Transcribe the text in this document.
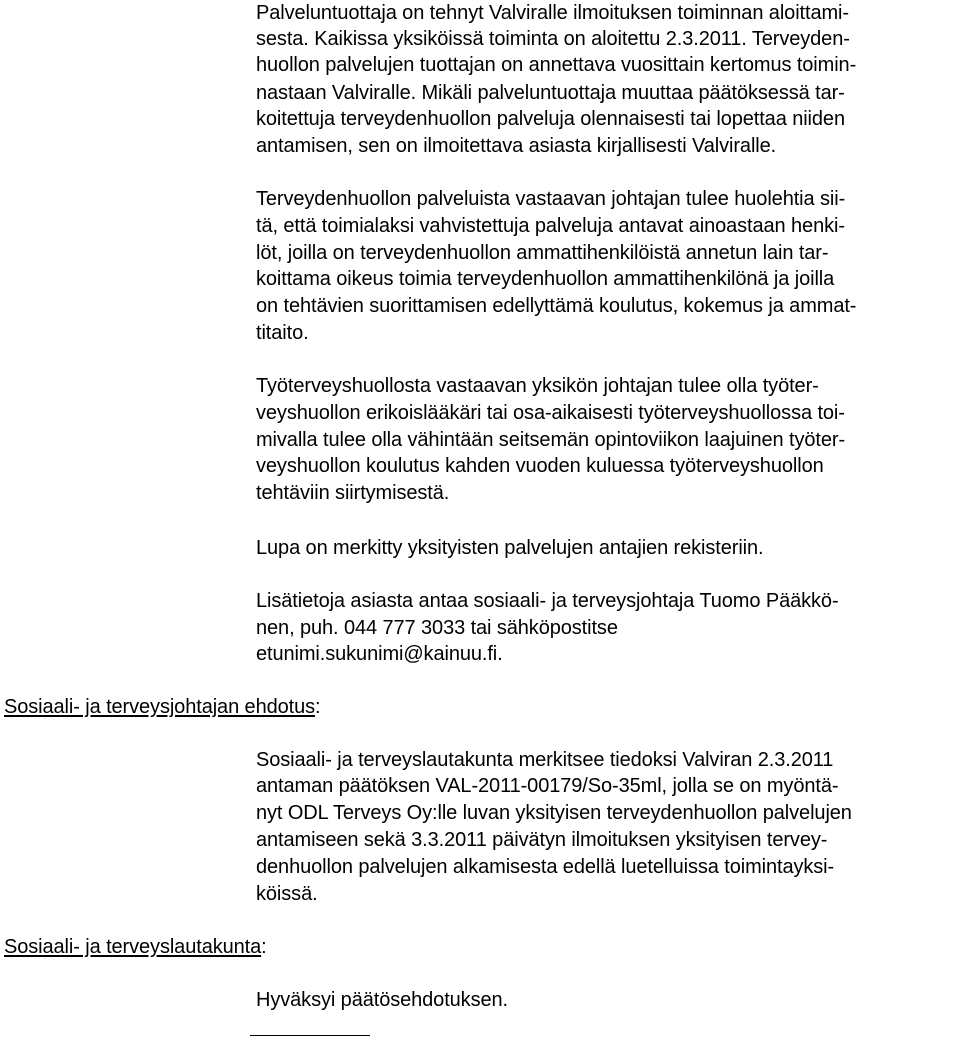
Palveluntuottaja on tehnyt Valviralle ilmoituksen toiminnan aloittami-
sesta. Kaikissa yksiköissä toiminta on aloitettu 2.3.2011. Terveyden-
huollon palvelujen tuottajan on annettava vuosittain kertomus toimin-
nastaan Valviralle. Mikäli palveluntuottaja muuttaa päätöksessä tar-
koitettuja terveydenhuollon palveluja olennaisesti tai lopettaa niiden
antamisen, sen on ilmoitettava asiasta kirjallisesti Valviralle.
Terveydenhuollon palveluista vastaavan johtajan tulee huolehtia sii-
tä, että toimialaksi vahvistettuja palveluja antavat ainoastaan henki-
löt, joilla on terveydenhuollon ammattihenkilöistä annetun lain tar-
koittama oikeus toimia terveydenhuollon ammattihenkilönä ja joilla
on tehtävien suorittamisen edellyttämä koulutus, kokemus ja ammat-
titaito.
Työterveyshuollosta vastaavan yksikön johtajan tulee olla työter-
veyshuollon erikoislääkäri tai osa-aikaisesti työterveyshuollossa toi-
mivalla tulee olla vähintään seitsemän opintoviikon laajuinen työter-
veyshuollon koulutus kahden vuoden kuluessa työterveyshuollon
tehtäviin siirtymisestä.
Lupa on merkitty yksityisten palvelujen antajien rekisteriin.
Lisätietoja asiasta antaa sosiaali- ja terveysjohtaja Tuomo Pääkkö-
nen, puh. 044 777 3033 tai sähköpostitse
etunimi.sukunimi@kainuu.fi.
Sosiaali- ja terveysjohtajan ehdotus:
Sosiaali- ja terveyslautakunta merkitsee tiedoksi Valviran 2.3.2011
antaman päätöksen VAL-2011-00179/So-35ml, jolla se on myöntä-
nyt ODL Terveys Oy:lle luvan yksityisen terveydenhuollon palvelujen
antamiseen sekä 3.3.2011 päivätyn ilmoituksen yksityisen tervey-
denhuollon palvelujen alkamisesta edellä luetelluissa toimintayksi-
köissä.
Sosiaali- ja terveyslautakunta:
Hyväksyi päätösehdotuksen.
